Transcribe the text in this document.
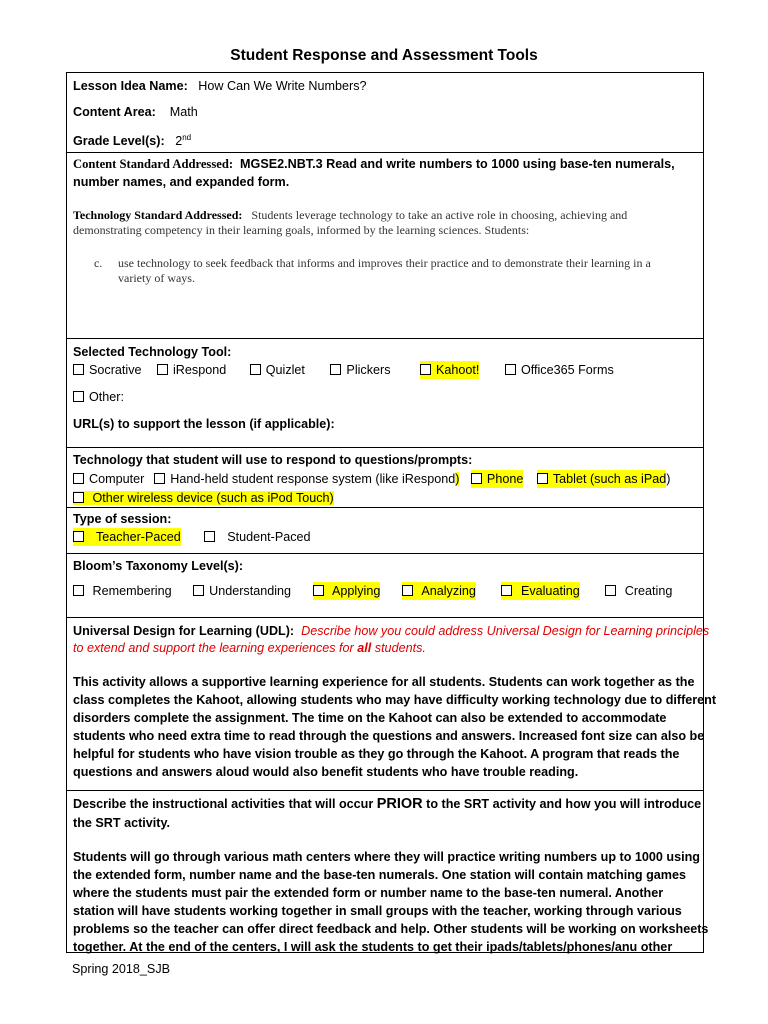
Student Response and Assessment Tools
Lesson Idea Name: How Can We Write Numbers?
Content Area: Math
Grade Level(s): 2nd
Content Standard Addressed: MGSE2.NBT.3 Read and write numbers to 1000 using base-ten numerals,
number names, and expanded form.
Technology Standard Addressed: Students leverage technology to take an active role in choosing, achieving and
demonstrating competency in their learning goals, informed by the learning sciences. Students:
c. use technology to seek feedback that informs and improves their practice and to demonstrate their learning in a
variety of ways.
Selected Technology Tool:
Socrative	iRespond	Quizlet	Plickers	Kahoot!	Office365 Forms
Other:
URL(s) to support the lesson (if applicable):
Technology that student will use to respond to questions/prompts:
Computer Hand-held student response system (like iRespond) Phone Tablet (such as iPad)
Other wireless device (such as iPod Touch)
Type of session:
Teacher-Paced	Student-Paced
Bloom’s Taxonomy Level(s):
Remembering	Understanding	Applying	Analyzing	Evaluating	Creating
Universal Design for Learning (UDL): Describe how you could address Universal Design for Learning principles
to extend and support the learning experiences for all students.

This activity allows a supportive learning experience for all students. Students can work together as the

class completes the Kahoot, allowing students who may have difficulty working technology due to different

disorders complete the assignment. The time on the Kahoot can also be extended to accommodate

students who need extra time to read through the questions and answers. Increased font size can also be

helpful for students who have vision trouble as they go through the Kahoot. A program that reads the

questions and answers aloud would also benefit students who have trouble reading.

Describe the instructional activities that will occur PRIOR to the SRT activity and how you will introduce
the SRT activity.

Students will go through various math centers where they will practice writing numbers up to 1000 using

the extended form, number name and the base-ten numerals. One station will contain matching games

where the students must pair the extended form or number name to the base-ten numeral. Another

station will have students working together in small groups with the teacher, working through various

problems so the teacher can offer direct feedback and help. Other students will be working on worksheets

together. At the end of the centers, I will ask the students to get their ipads/tablets/phones/anu other

Spring 2018_SJB
